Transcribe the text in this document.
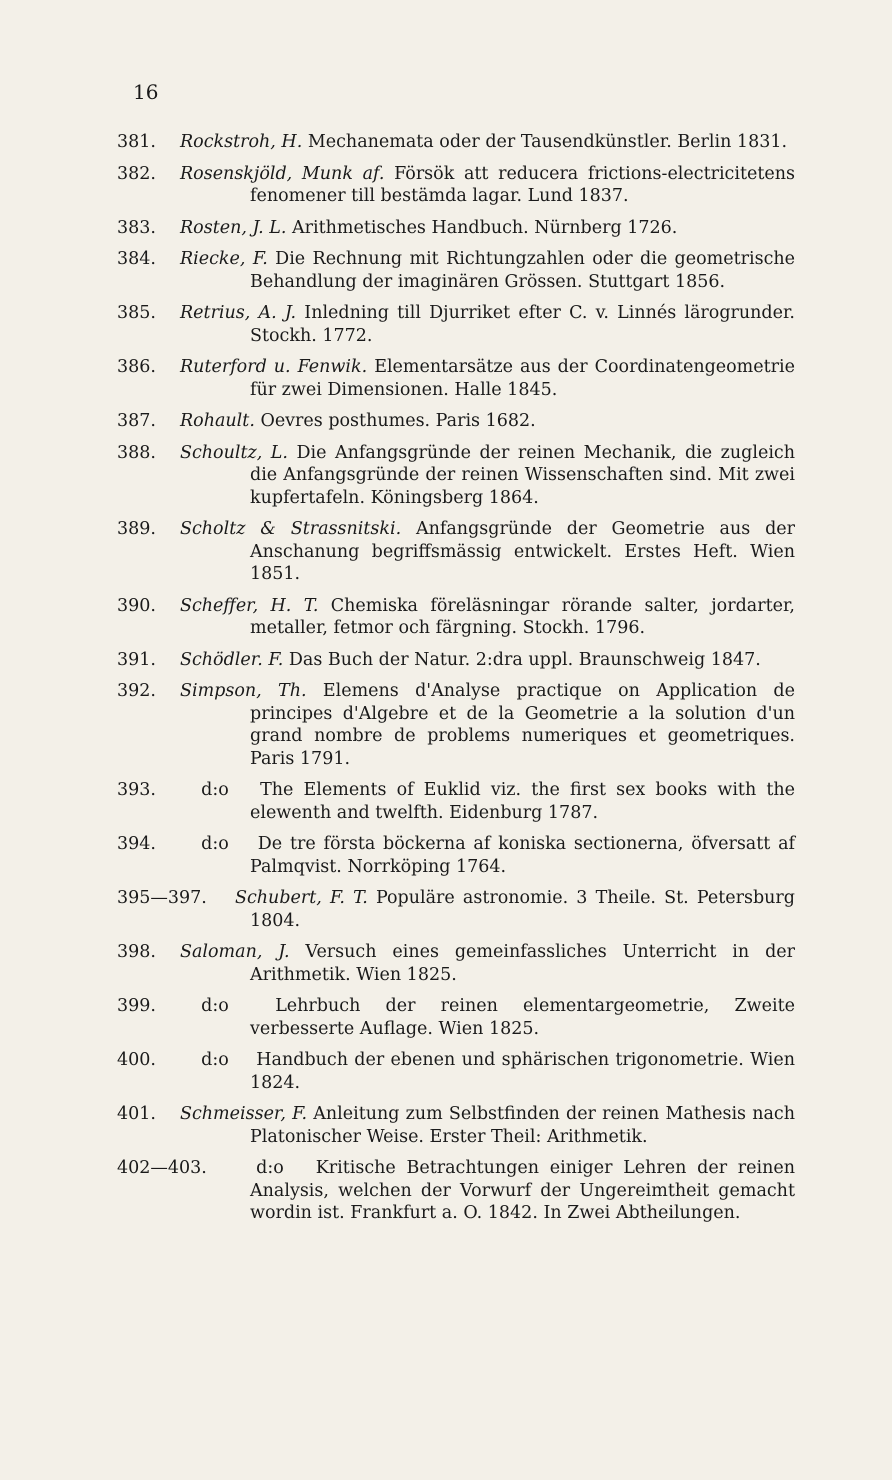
16
381. Rockstroh, H. Mechanemata oder der Tausendkünstler. Berlin 1831.
382. Rosenskjöld, Munk af. Försök att reducera frictions-electricitetens fenomener till bestämda lagar. Lund 1837.
383. Rosten, J. L. Arithmetisches Handbuch. Nürnberg 1726.
384. Riecke, F. Die Rechnung mit Richtungzahlen oder die geometrische Behandlung der imaginären Grössen. Stuttgart 1856.
385. Retrius, A. J. Inledning till Djurriket efter C. v. Linnés lärogrunder. Stockh. 1772.
386. Ruterford u. Fenwik. Elementarsätze aus der Coordinatengeometrie für zwei Dimensionen. Halle 1845.
387. Rohault. Oevres posthumes. Paris 1682.
388. Schoultz, L. Die Anfangsgründe der reinen Mechanik, die zugleich die Anfangsgründe der reinen Wissenschaften sind. Mit zwei kupfertafeln. Köningsberg 1864.
389. Scholtz & Strassnitski. Anfangsgründe der Geometrie aus der Anschanung begriffsmässig entwickelt. Erstes Heft. Wien 1851.
390. Scheffer, H. T. Chemiska föreläsningar rörande salter, jordarter, metaller, fetmor och färgning. Stockh. 1796.
391. Schödler. F. Das Buch der Natur. 2:dra uppl. Braunschweig 1847.
392. Simpson, Th. Elemens d'Analyse practique on Application de principes d'Algebre et de la Geometrie a la solution d'un grand nombre de problems numeriques et geometriques. Paris 1791.
393.	d:o The Elements of Euklid viz. the first sex books with the elewenth and twelfth. Eidenburg 1787.
394.	d:o De tre första böckerna af koniska sectionerna, öfversatt af Palmqvist. Norrköping 1764.
395—397. Schubert, F. T. Populäre astronomie. 3 Theile. St. Petersburg 1804.
398. Saloman, J. Versuch eines gemeinfassliches Unterricht in der Arithmetik. Wien 1825.
399.	d:o	Lehrbuch der reinen elementargeometrie, Zweite verbesserte Auflage. Wien 1825.
400.	d:o Handbuch der ebenen und sphärischen trigonometrie. Wien 1824.
401. Schmeisser, F. Anleitung zum Selbstfinden der reinen Mathesis nach Platonischer Weise. Erster Theil: Arithmetik.
402—403.	d:o Kritische Betrachtungen einiger Lehren der reinen Analysis, welchen der Vorwurf der Ungereimtheit gemacht wordin ist. Frankfurt a. O. 1842. In Zwei Abtheilungen.
